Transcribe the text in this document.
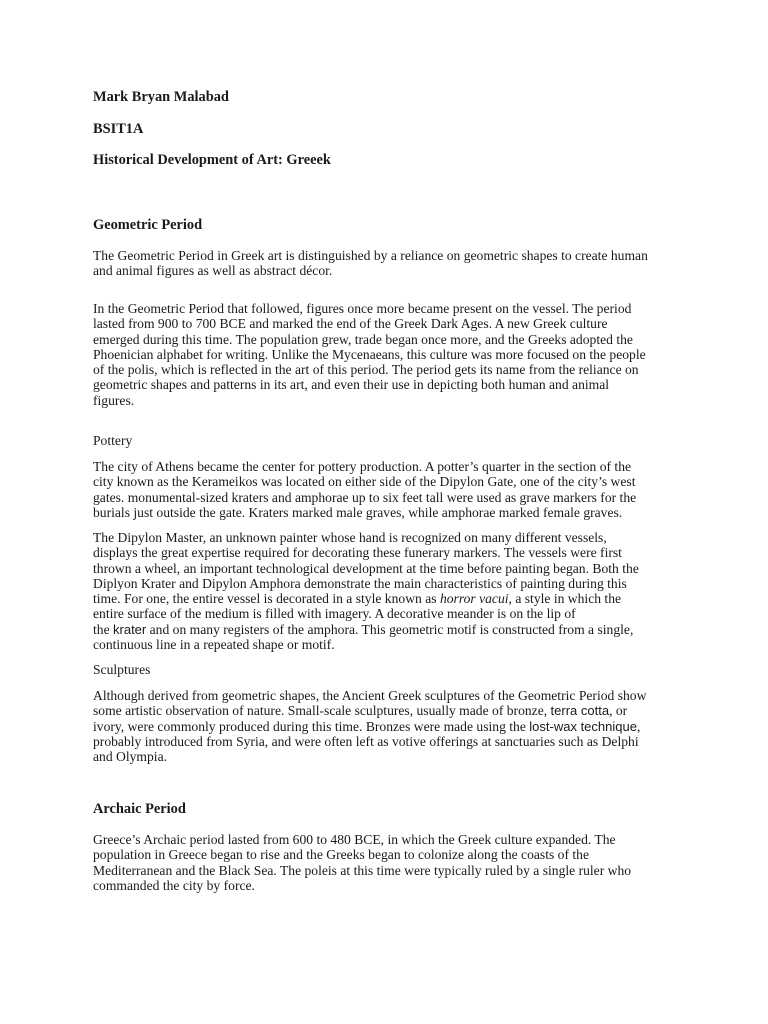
Mark Bryan Malabad
BSIT1A
Historical Development of Art: Greeek
Geometric Period
The Geometric Period in Greek art is distinguished by a reliance on geometric shapes to create human
and animal figures as well as abstract décor.
In the Geometric Period that followed, figures once more became present on the vessel. The period
lasted from 900 to 700 BCE and marked the end of the Greek Dark Ages. A new Greek culture
emerged during this time. The population grew, trade began once more, and the Greeks adopted the
Phoenician alphabet for writing. Unlike the Mycenaeans, this culture was more focused on the people
of the polis, which is reflected in the art of this period. The period gets its name from the reliance on
geometric shapes and patterns in its art, and even their use in depicting both human and animal
figures.
Pottery
The city of Athens became the center for pottery production. A potter’s quarter in the section of the
city known as the Kerameikos was located on either side of the Dipylon Gate, one of the city’s west
gates. monumental-sized kraters and amphorae up to six feet tall were used as grave markers for the
burials just outside the gate. Kraters marked male graves, while amphorae marked female graves.
The Dipylon Master, an unknown painter whose hand is recognized on many different vessels,
displays the great expertise required for decorating these funerary markers. The vessels were first
thrown a wheel, an important technological development at the time before painting began. Both the
Diplyon Krater and Dipylon Amphora demonstrate the main characteristics of painting during this
time. For one, the entire vessel is decorated in a style known as horror vacui, a style in which the
entire surface of the medium is filled with imagery. A decorative meander is on the lip of
the krater and on many registers of the amphora. This geometric motif is constructed from a single,
continuous line in a repeated shape or motif.
Sculptures
Although derived from geometric shapes, the Ancient Greek sculptures of the Geometric Period show
some artistic observation of nature. Small-scale sculptures, usually made of bronze, terra cotta, or
ivory, were commonly produced during this time. Bronzes were made using the lost-wax technique,
probably introduced from Syria, and were often left as votive offerings at sanctuaries such as Delphi
and Olympia.
Archaic Period
Greece’s Archaic period lasted from 600 to 480 BCE, in which the Greek culture expanded. The
population in Greece began to rise and the Greeks began to colonize along the coasts of the
Mediterranean and the Black Sea. The poleis at this time were typically ruled by a single ruler who
commanded the city by force.
